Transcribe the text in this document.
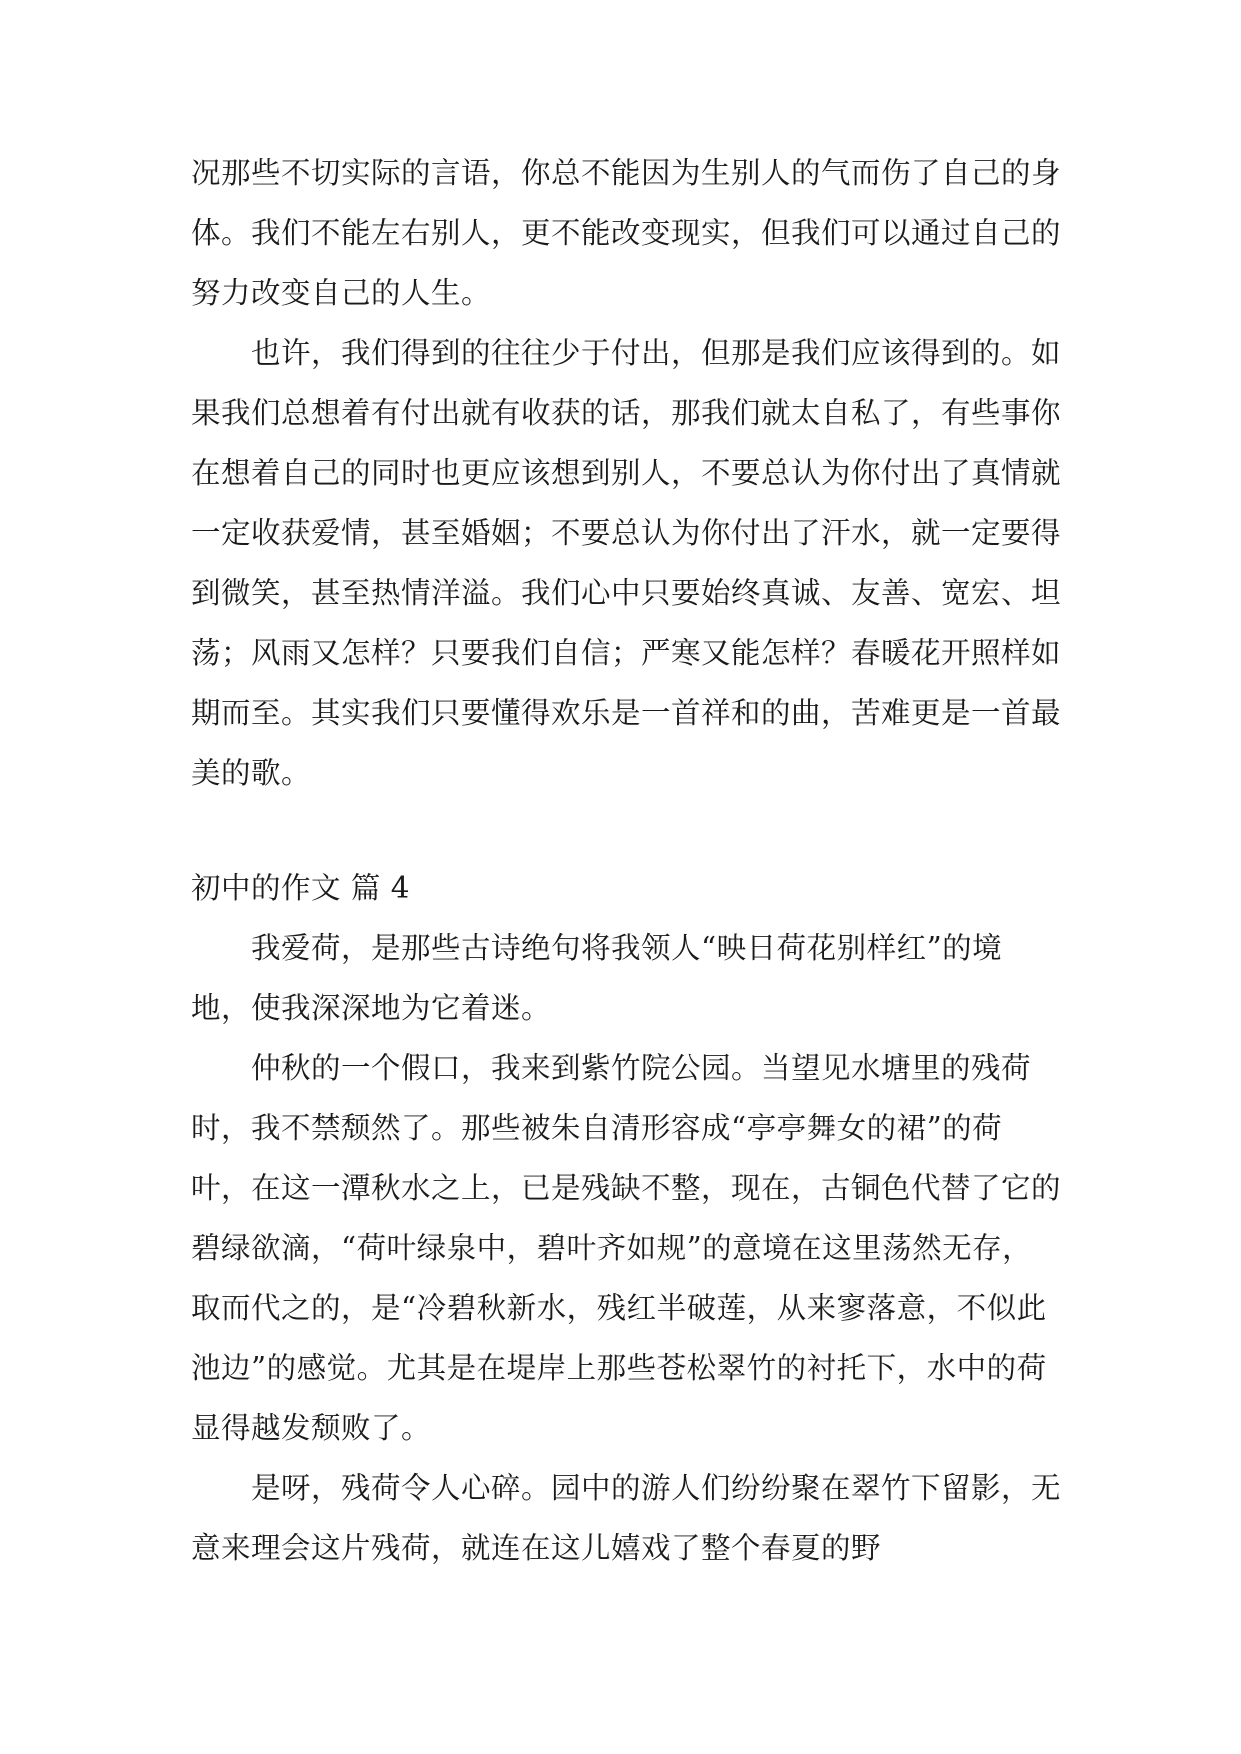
况那些不切实际的言语，你总不能因为生别人的气而伤了自己的身体。我们不能左右别人，更不能改变现实，但我们可以通过自己的努力改变自己的人生。

也许，我们得到的往往少于付出，但那是我们应该得到的。如果我们总想着有付出就有收获的话，那我们就太自私了，有些事你在想着自己的同时也更应该想到别人，不要总认为你付出了真情就一定收获爱情，甚至婚姻；不要总认为你付出了汗水，就一定要得到微笑，甚至热情洋溢。我们心中只要始终真诚、友善、宽宏、坦荡；风雨又怎样？只要我们自信；严寒又能怎样？春暖花开照样如期而至。其实我们只要懂得欢乐是一首祥和的曲，苦难更是一首最美的歌。

初中的作文 篇 4

我爱荷，是那些古诗绝句将我领人“映日荷花别样红”的境地，使我深深地为它着迷。

仲秋的一个假口，我来到紫竹院公园。当望见水塘里的残荷时，我不禁颓然了。那些被朱自清形容成“亭亭舞女的裙”的荷叶，在这一潭秋水之上，已是残缺不整，现在，古铜色代替了它的碧绿欲滴，“荷叶绿泉中，碧叶齐如规”的意境在这里荡然无存，取而代之的，是“冷碧秋新水，残红半破莲，从来寥落意，不似此池边”的感觉。尤其是在堤岸上那些苍松翠竹的衬托下，水中的荷显得越发颓败了。

是呀，残荷令人心碎。园中的游人们纷纷聚在翠竹下留影，无意来理会这片残荷，就连在这儿嬉戏了整个春夏的野
